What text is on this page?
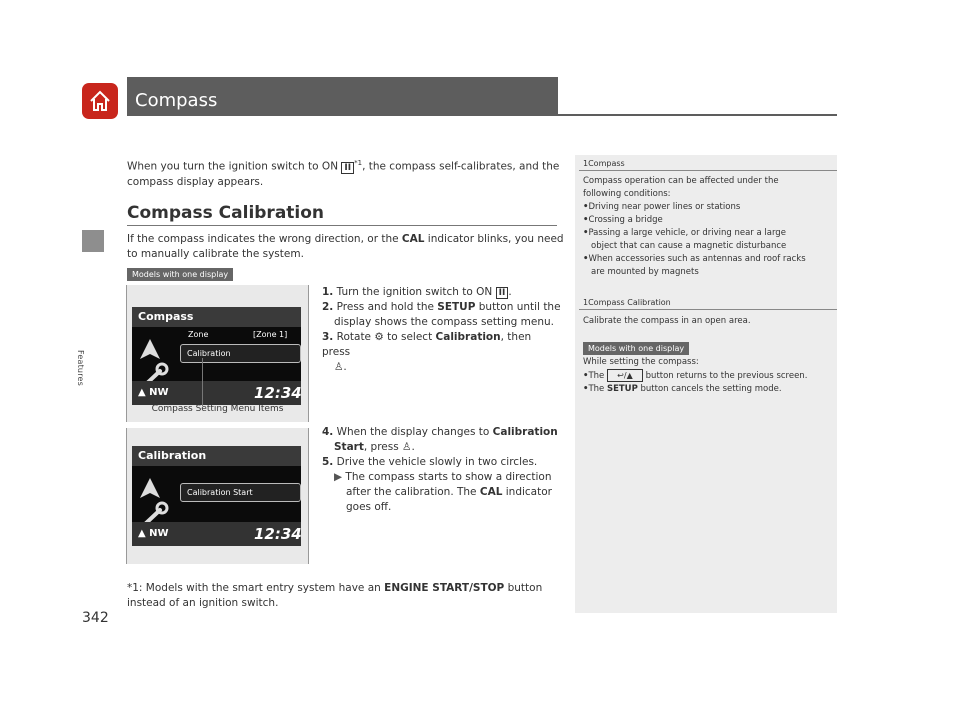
Features
Compass
When you turn the ignition switch to ON II $^{*1}$, the compass self-calibrates, and the
compass display appears.
Compass Calibration
If the compass indicates the wrong direction, or the CAL indicator blinks, you need
to manually calibrate the system.
Models with one display
Compass
Zone	[Zone 1]
Calibration
▲ NW	12:34
Compass Setting Menu Items
1. Turn the ignition switch to ON II .
2. Press and hold the SETUP button until the
display shows the compass setting menu.
3. Rotate ⚙ to select Calibration, then press
♙.
Calibration
Calibration Start
▲ NW	12:34
4. When the display changes to Calibration
Start, press ♙.
5. Drive the vehicle slowly in two circles.
▶ The compass starts to show a direction
after the calibration. The CAL indicator
goes off.
*1: Models with the smart entry system have an ENGINE START/STOP button
instead of an ignition switch.
1Compass
Compass operation can be affected under the
following conditions:
•Driving near power lines or stations
•Crossing a bridge
•Passing a large vehicle, or driving near a large
object that can cause a magnetic disturbance
•When accessories such as antennas and roof racks
are mounted by magnets
1Compass Calibration
Calibrate the compass in an open area.
Models with one display
While setting the compass:
•The ↩/▲ button returns to the previous screen.
•The SETUP button cancels the setting mode.
342
